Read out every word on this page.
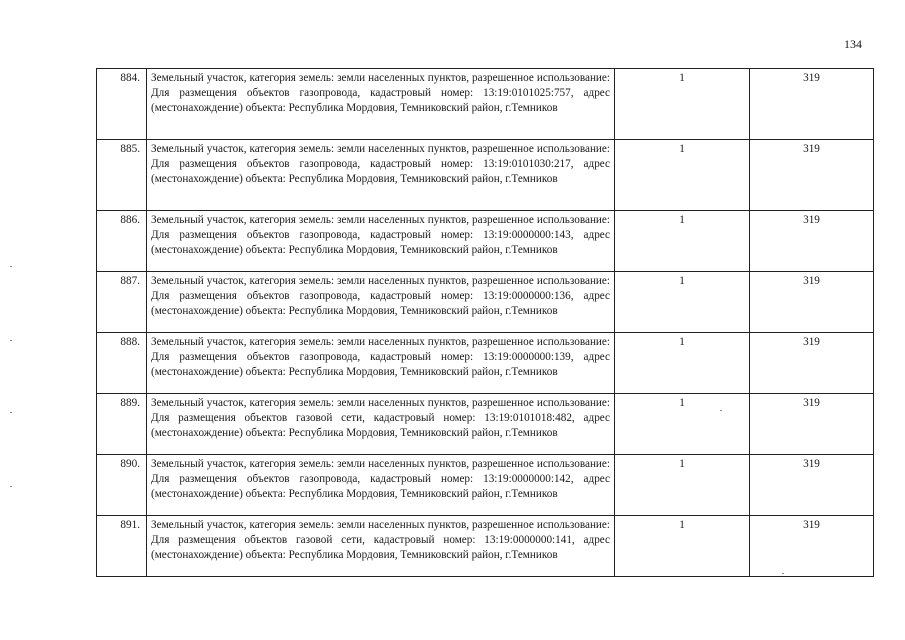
134
884.	Земельный участок, категория земель: земли населенных пунктов, разрешенное использование: Для размещения объектов газопровода, кадастровый номер: 13:19:0101025:757, адрес (местонахождение) объекта: Республика Мордовия, Темниковский район, г.Темников	1	319
885.	Земельный участок, категория земель: земли населенных пунктов, разрешенное использование: Для размещения объектов газопровода, кадастровый номер: 13:19:0101030:217, адрес (местонахождение) объекта: Республика Мордовия, Темниковский район, г.Темников	1	319
886.	Земельный участок, категория земель: земли населенных пунктов, разрешенное использование: Для размещения объектов газопровода, кадастровый номер: 13:19:0000000:143, адрес (местонахождение) объекта: Республика Мордовия, Темниковский район, г.Темников	1	319
887.	Земельный участок, категория земель: земли населенных пунктов, разрешенное использование: Для размещения объектов газопровода, кадастровый номер: 13:19:0000000:136, адрес (местонахождение) объекта: Республика Мордовия, Темниковский район, г.Темников	1	319
888.	Земельный участок, категория земель: земли населенных пунктов, разрешенное использование: Для размещения объектов газопровода, кадастровый номер: 13:19:0000000:139, адрес (местонахождение) объекта: Республика Мордовия, Темниковский район, г.Темников	1	319
889.	Земельный участок, категория земель: земли населенных пунктов, разрешенное использование: Для размещения объектов газовой сети, кадастровый номер: 13:19:0101018:482, адрес (местонахождение) объекта: Республика Мордовия, Темниковский район, г.Темников	1	319
890.	Земельный участок, категория земель: земли населенных пунктов, разрешенное использование: Для размещения объектов газопровода, кадастровый номер: 13:19:0000000:142, адрес (местонахождение) объекта: Республика Мордовия, Темниковский район, г.Темников	1	319
891.	Земельный участок, категория земель: земли населенных пунктов, разрешенное использование: Для размещения объектов газовой сети, кадастровый номер: 13:19:0000000:141, адрес (местонахождение) объекта: Республика Мордовия, Темниковский район, г.Темников	1	319
